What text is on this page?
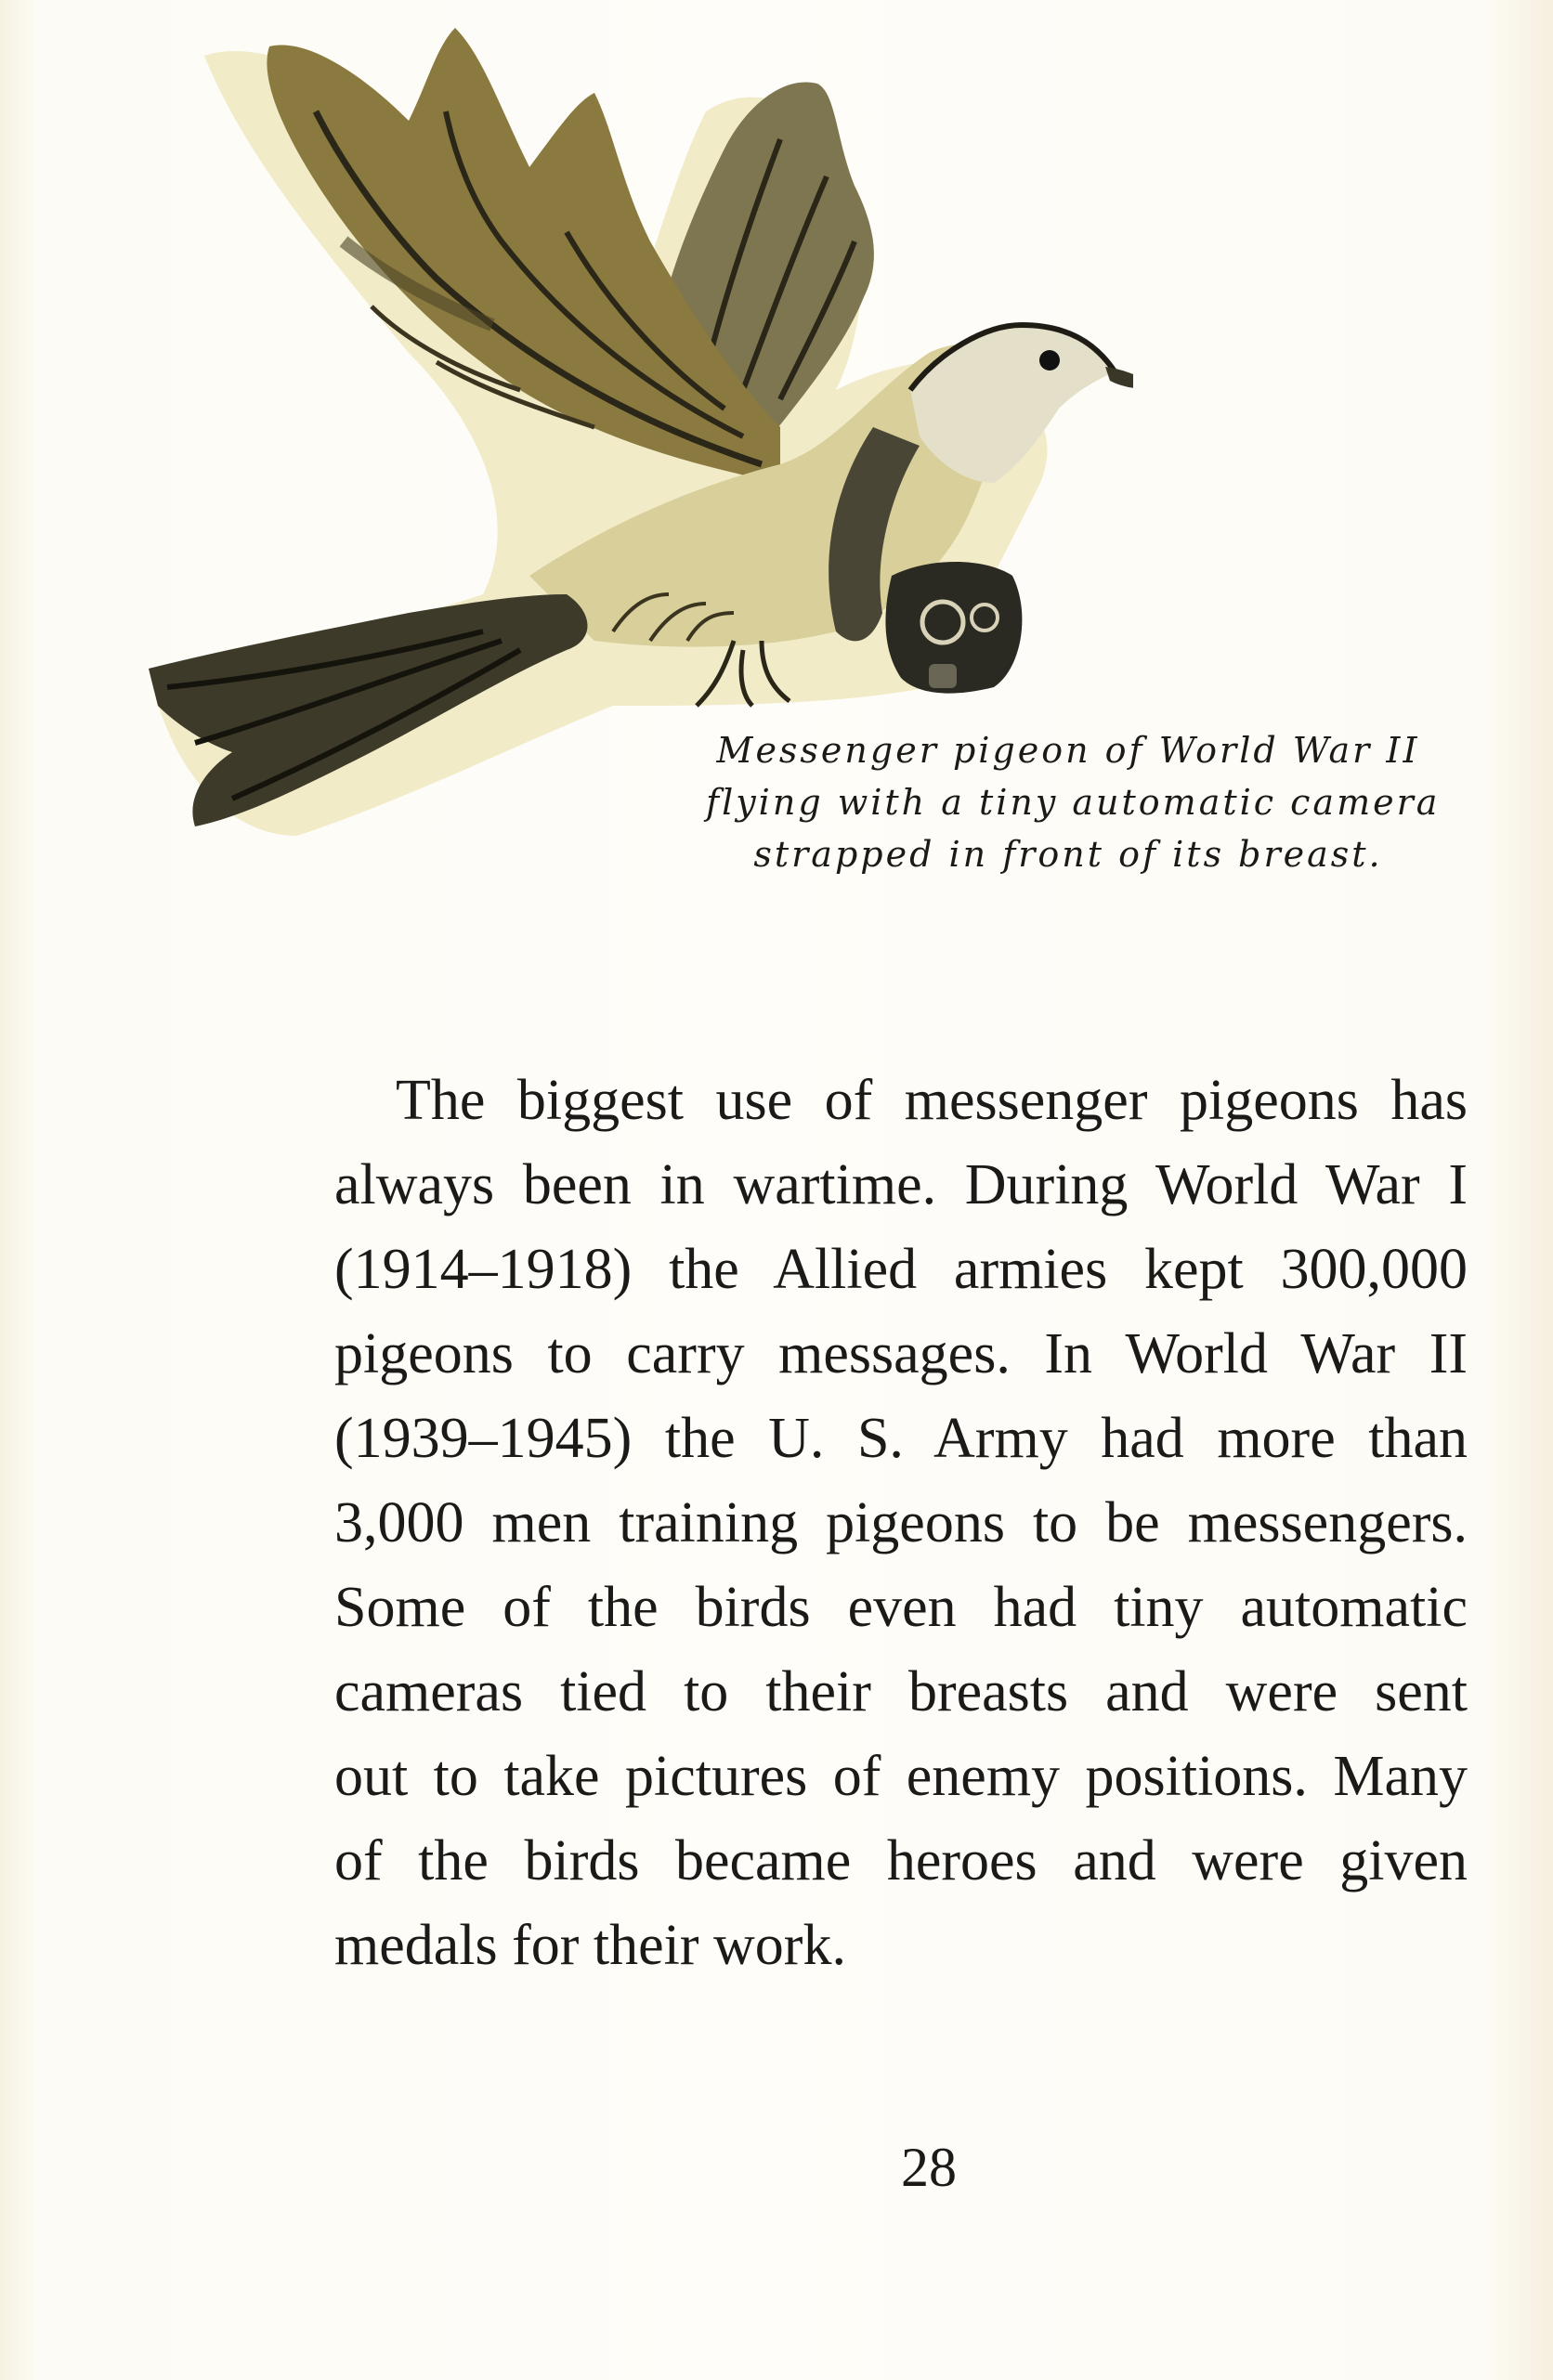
Messenger pigeon of World War II
flying with a tiny automatic camera
strapped in front of its breast.
The biggest use of messenger pigeons has
always been in wartime. During World War I
(1914–1918) the Allied armies kept 300,000
pigeons to carry messages. In World War II
(1939–1945) the U. S. Army had more than
3,000 men training pigeons to be messengers.
Some of the birds even had tiny automatic
cameras tied to their breasts and were sent
out to take pictures of enemy positions. Many
of the birds became heroes and were given
medals for their work.
28
